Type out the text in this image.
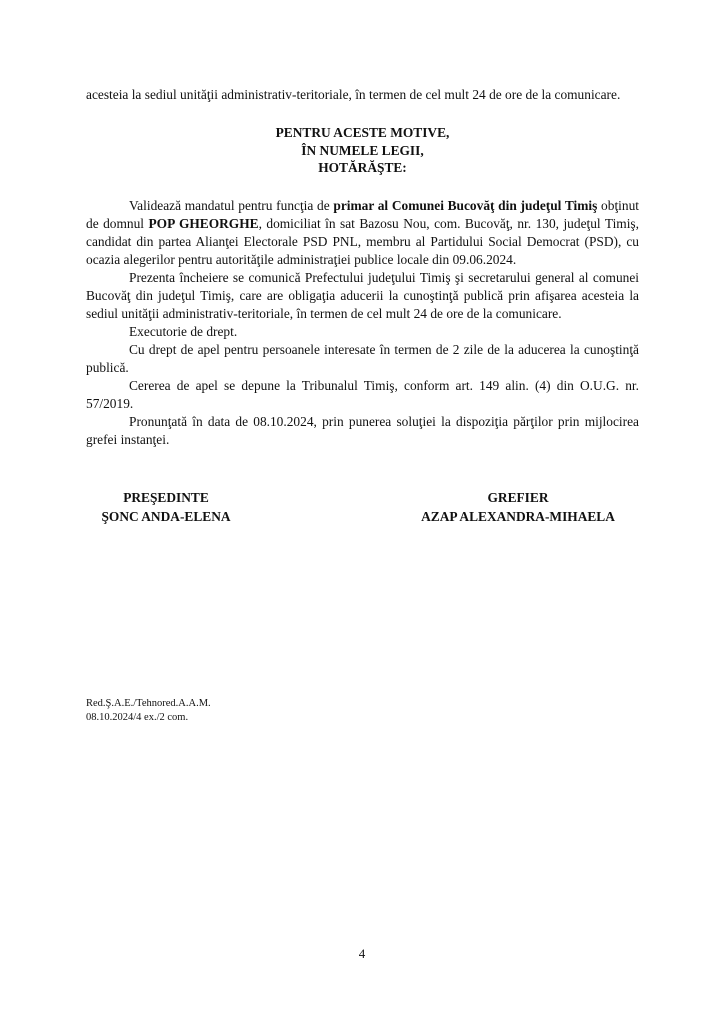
acesteia la sediul unităţii administrativ-teritoriale, în termen de cel mult 24 de ore de la comunicare.

PENTRU ACESTE MOTIVE,
ÎN NUMELE LEGII,
HOTĂRĂŞTE:

Validează mandatul pentru funcţia de primar al Comunei Bucovăţ din judeţul Timiş obţinut de domnul POP GHEORGHE, domiciliat în sat Bazosu Nou, com. Bucovăţ, nr. 130, judeţul Timiş, candidat din partea Alianţei Electorale PSD PNL, membru al Partidului Social Democrat (PSD), cu ocazia alegerilor pentru autorităţile administraţiei publice locale din 09.06.2024.

Prezenta încheiere se comunică Prefectului judeţului Timiş şi secretarului general al comunei Bucovăţ din judeţul Timiş, care are obligaţia aducerii la cunoştinţă publică prin afişarea acesteia la sediul unităţii administrativ-teritoriale, în termen de cel mult 24 de ore de la comunicare.

Executorie de drept.

Cu drept de apel pentru persoanele interesate în termen de 2 zile de la aducerea la cunoştinţă publică.

Cererea de apel se depune la Tribunalul Timiş, conform art. 149 alin. (4) din O.U.G. nr. 57/2019.

Pronunţată în data de 08.10.2024, prin punerea soluţiei la dispoziţia părţilor prin mijlocirea grefei instanţei.

PREŞEDINTE
ŞONC ANDA-ELENA
GREFIER
AZAP ALEXANDRA-MIHAELA
Red.Ş.A.E./Tehnored.A.A.M.
08.10.2024/4 ex./2 com.
4
